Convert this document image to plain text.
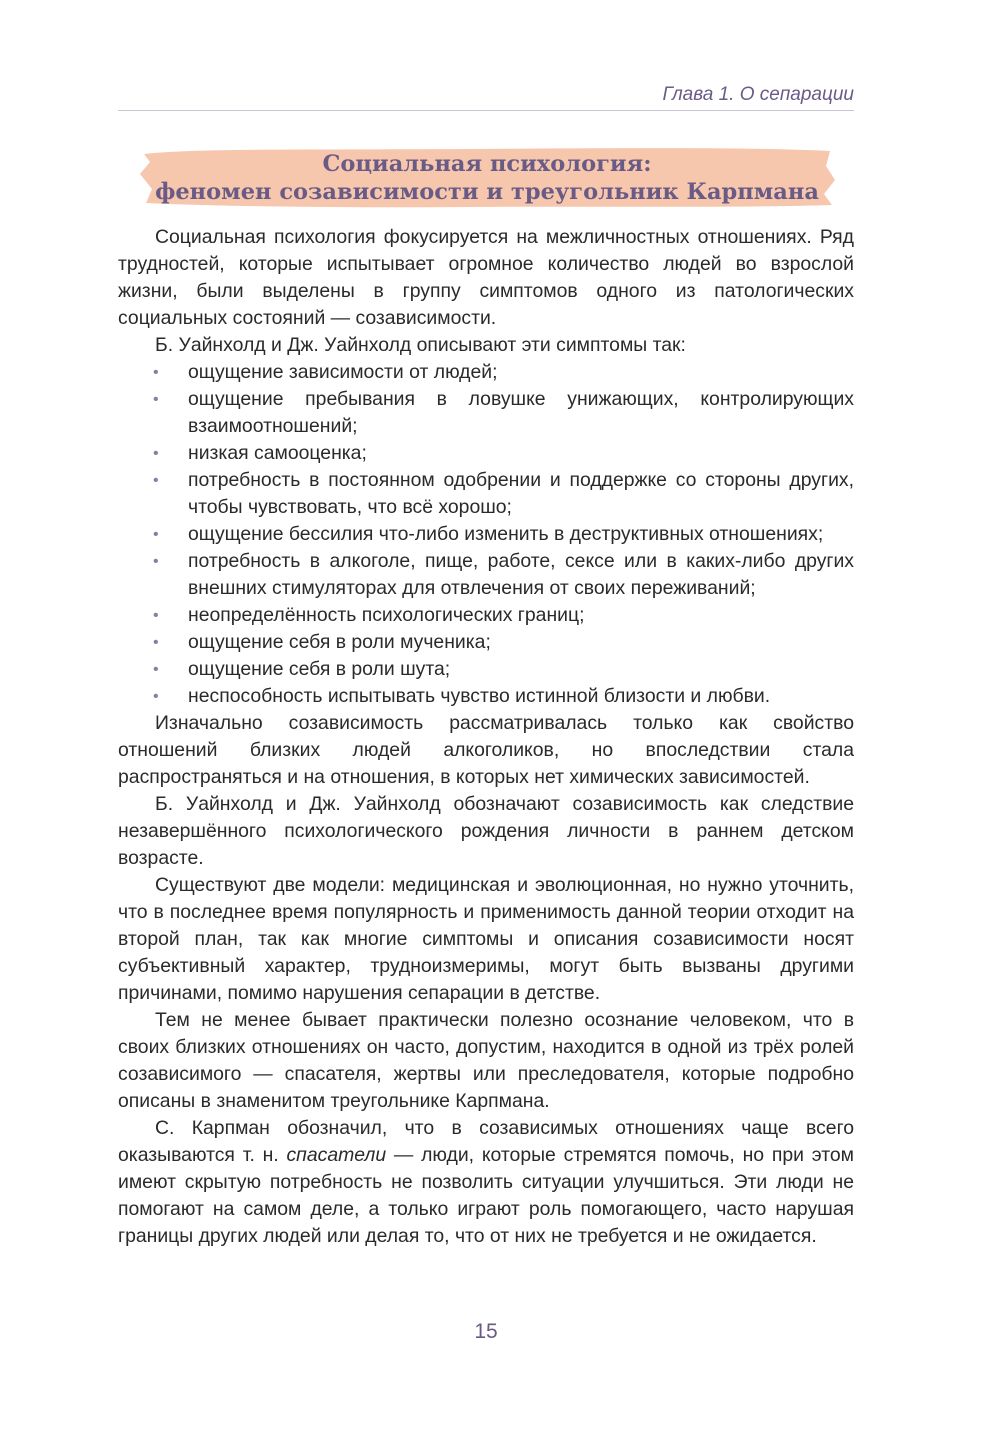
Глава 1. О сепарации
Социальная психология:
феномен созависимости и треугольник Карпмана

Социальная психология фокусируется на межличностных отношениях. Ряд трудностей, которые испытывает огромное количество людей во взрослой жизни, были выделены в группу симптомов одного из патологических социальных состояний — созависимости.

Б. Уайнхолд и Дж. Уайнхолд описывают эти симптомы так:

• ощущение зависимости от людей;
• ощущение пребывания в ловушке унижающих, контролирующих взаимоотношений;
• низкая самооценка;
• потребность в постоянном одобрении и поддержке со стороны других, чтобы чувствовать, что всё хорошо;
• ощущение бессилия что-либо изменить в деструктивных отношениях;
• потребность в алкоголе, пище, работе, сексе или в каких-либо других внешних стимуляторах для отвлечения от своих переживаний;
• неопределённость психологических границ;
• ощущение себя в роли мученика;
• ощущение себя в роли шута;
• неспособность испытывать чувство истинной близости и любви.

Изначально созависимость рассматривалась только как свойство отношений близких людей алкоголиков, но впоследствии стала распространяться и на отношения, в которых нет химических зависимостей.

Б. Уайнхолд и Дж. Уайнхолд обозначают созависимость как следствие незавершённого психологического рождения личности в раннем детском возрасте.

Существуют две модели: медицинская и эволюционная, но нужно уточнить, что в последнее время популярность и применимость данной теории отходит на второй план, так как многие симптомы и описания созависимости носят субъективный характер, трудноизмеримы, могут быть вызваны другими причинами, помимо нарушения сепарации в детстве.

Тем не менее бывает практически полезно осознание человеком, что в своих близких отношениях он часто, допустим, находится в одной из трёх ролей созависимого — спасателя, жертвы или преследователя, которые подробно описаны в знаменитом треугольнике Карпмана.

С. Карпман обозначил, что в созависимых отношениях чаще всего оказываются т. н. спасатели — люди, которые стремятся помочь, но при этом имеют скрытую потребность не позволить ситуации улучшиться. Эти люди не помогают на самом деле, а только играют роль помогающего, часто нарушая границы других людей или делая то, что от них не требуется и не ожидается.

15
